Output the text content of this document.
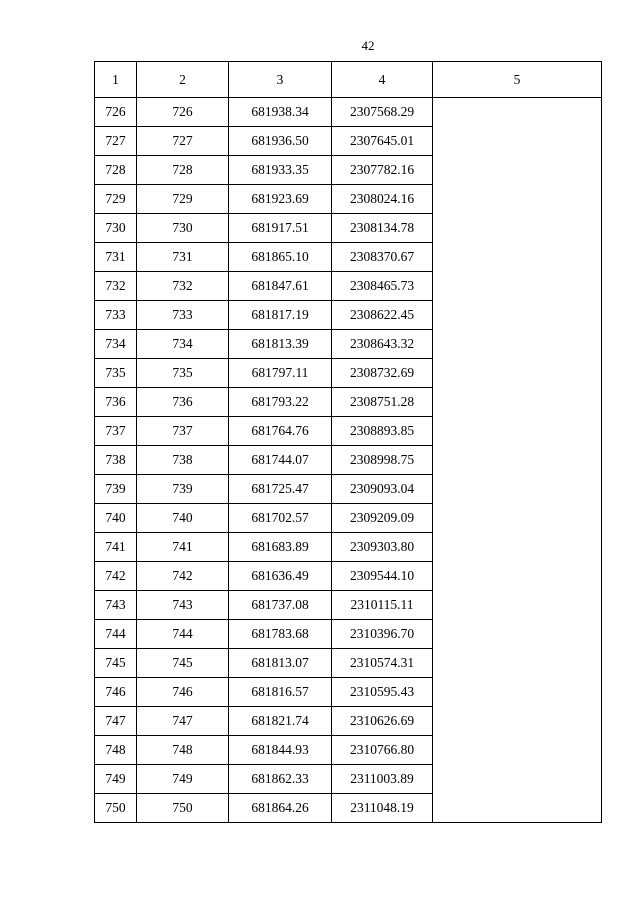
42
1	2	3	4	5
726	726	681938.34	2307568.29	
727	727	681936.50	2307645.01	
728	728	681933.35	2307782.16	
729	729	681923.69	2308024.16	
730	730	681917.51	2308134.78	
731	731	681865.10	2308370.67	
732	732	681847.61	2308465.73	
733	733	681817.19	2308622.45	
734	734	681813.39	2308643.32	
735	735	681797.11	2308732.69	
736	736	681793.22	2308751.28	
737	737	681764.76	2308893.85	
738	738	681744.07	2308998.75	
739	739	681725.47	2309093.04	
740	740	681702.57	2309209.09	
741	741	681683.89	2309303.80	
742	742	681636.49	2309544.10	
743	743	681737.08	2310115.11	
744	744	681783.68	2310396.70	
745	745	681813.07	2310574.31	
746	746	681816.57	2310595.43	
747	747	681821.74	2310626.69	
748	748	681844.93	2310766.80	
749	749	681862.33	2311003.89	
750	750	681864.26	2311048.19	
